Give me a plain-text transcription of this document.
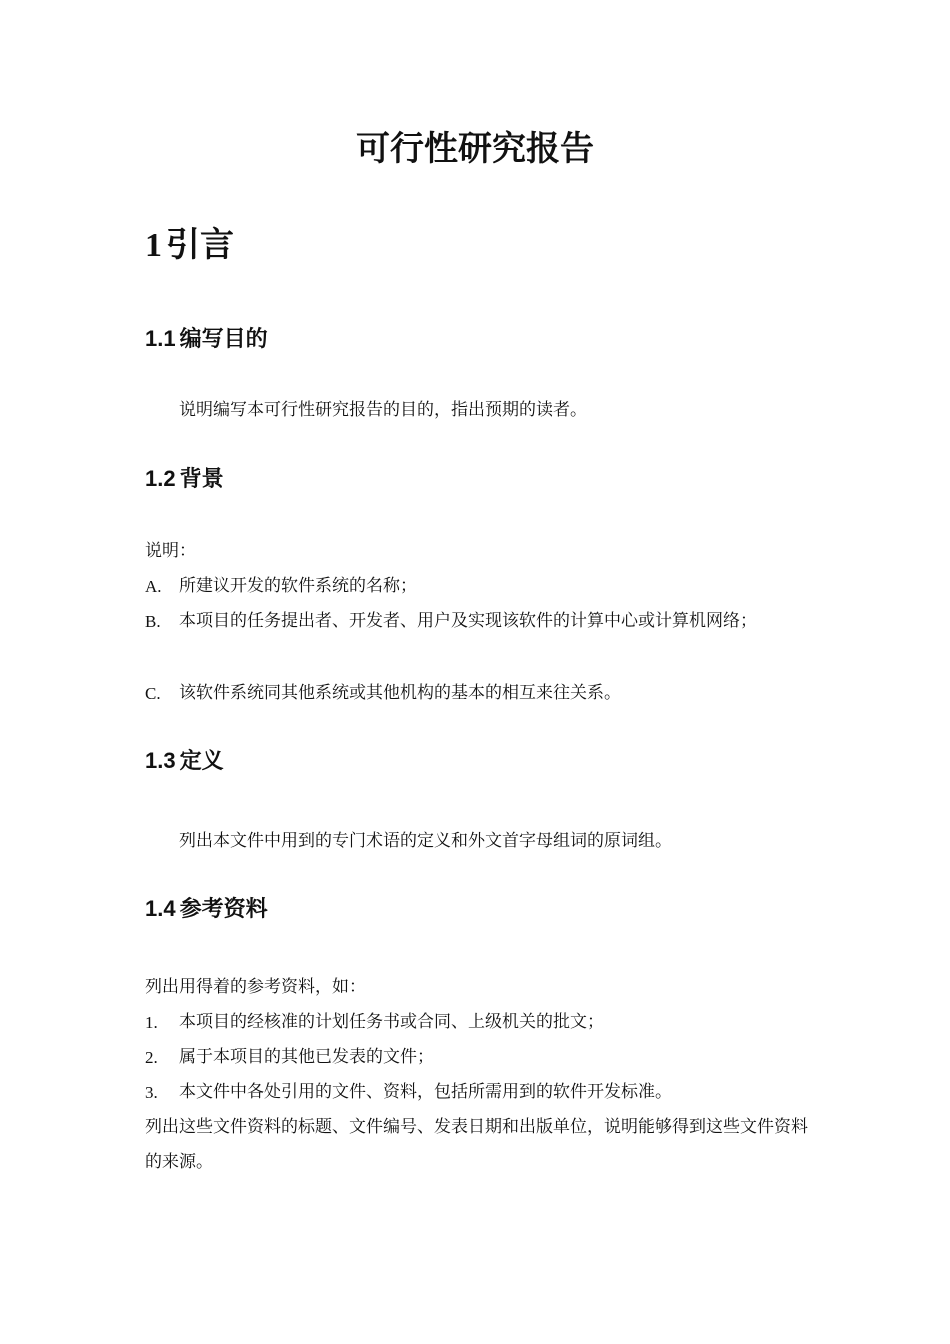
可行性研究报告
1 引言
1.1 编写目的
说明编写本可行性研究报告的目的，指出预期的读者。
1.2 背景
说明：
A.	所建议开发的软件系统的名称；
B.	本项目的任务提出者、开发者、用户及实现该软件的计算中心或计算机网络；
C.	该软件系统同其他系统或其他机构的基本的相互来往关系。
1.3 定义
列出本文件中用到的专门术语的定义和外文首字母组词的原词组。
1.4 参考资料
列出用得着的参考资料，如：
1.	本项目的经核准的计划任务书或合同、上级机关的批文；
2.	属于本项目的其他已发表的文件；
3.	本文件中各处引用的文件、资料，包括所需用到的软件开发标准。
列出这些文件资料的标题、文件编号、发表日期和出版单位，说明能够得到这些文件资料的来源。
